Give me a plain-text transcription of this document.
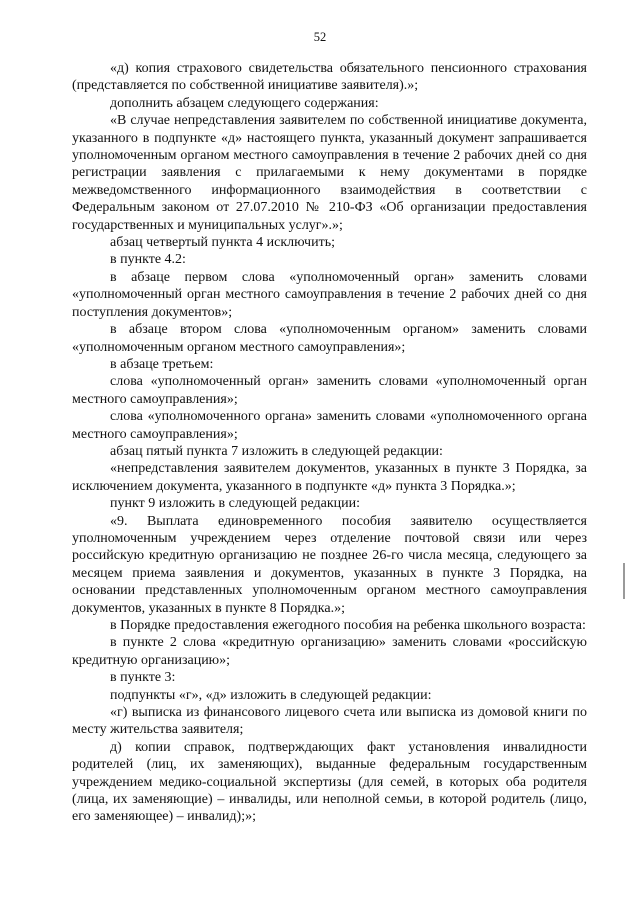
52

«д) копия страхового свидетельства обязательного пенсионного страхования (представляется по собственной инициативе заявителя).»;

дополнить абзацем следующего содержания:

«В случае непредставления заявителем по собственной инициативе документа, указанного в подпункте «д» настоящего пункта, указанный документ запрашивается уполномоченным органом местного самоуправления в течение 2 рабочих дней со дня регистрации заявления с прилагаемыми к нему документами в порядке межведомственного информационного взаимодействия в соответствии с Федеральным законом от 27.07.2010 № 210-ФЗ «Об организации предоставления государственных и муниципальных услуг».»;

абзац четвертый пункта 4 исключить;

в пункте 4.2:

в абзаце первом слова «уполномоченный орган» заменить словами «уполномоченный орган местного самоуправления в течение 2 рабочих дней со дня поступления документов»;

в абзаце втором слова «уполномоченным органом» заменить словами «уполномоченным органом местного самоуправления»;

в абзаце третьем:

слова «уполномоченный орган» заменить словами «уполномоченный орган местного самоуправления»;

слова «уполномоченного органа» заменить словами «уполномоченного органа местного самоуправления»;

абзац пятый пункта 7 изложить в следующей редакции:

«непредставления заявителем документов, указанных в пункте 3 Порядка, за исключением документа, указанного в подпункте «д» пункта 3 Порядка.»;

пункт 9 изложить в следующей редакции:

«9. Выплата единовременного пособия заявителю осуществляется уполномоченным учреждением через отделение почтовой связи или через российскую кредитную организацию не позднее 26-го числа месяца, следующего за месяцем приема заявления и документов, указанных в пункте 3 Порядка, на основании представленных уполномоченным органом местного самоуправления документов, указанных в пункте 8 Порядка.»;

в Порядке предоставления ежегодного пособия на ребенка школьного возраста:

в пункте 2 слова «кредитную организацию» заменить словами «российскую кредитную организацию»;

в пункте 3:

подпункты «г», «д» изложить в следующей редакции:

«г) выписка из финансового лицевого счета или выписка из домовой книги по месту жительства заявителя;

д) копии справок, подтверждающих факт установления инвалидности родителей (лиц, их заменяющих), выданные федеральным государственным учреждением медико-социальной экспертизы (для семей, в которых оба родителя (лица, их заменяющие) – инвалиды, или неполной семьи, в которой родитель (лицо, его заменяющее) – инвалид);»;
